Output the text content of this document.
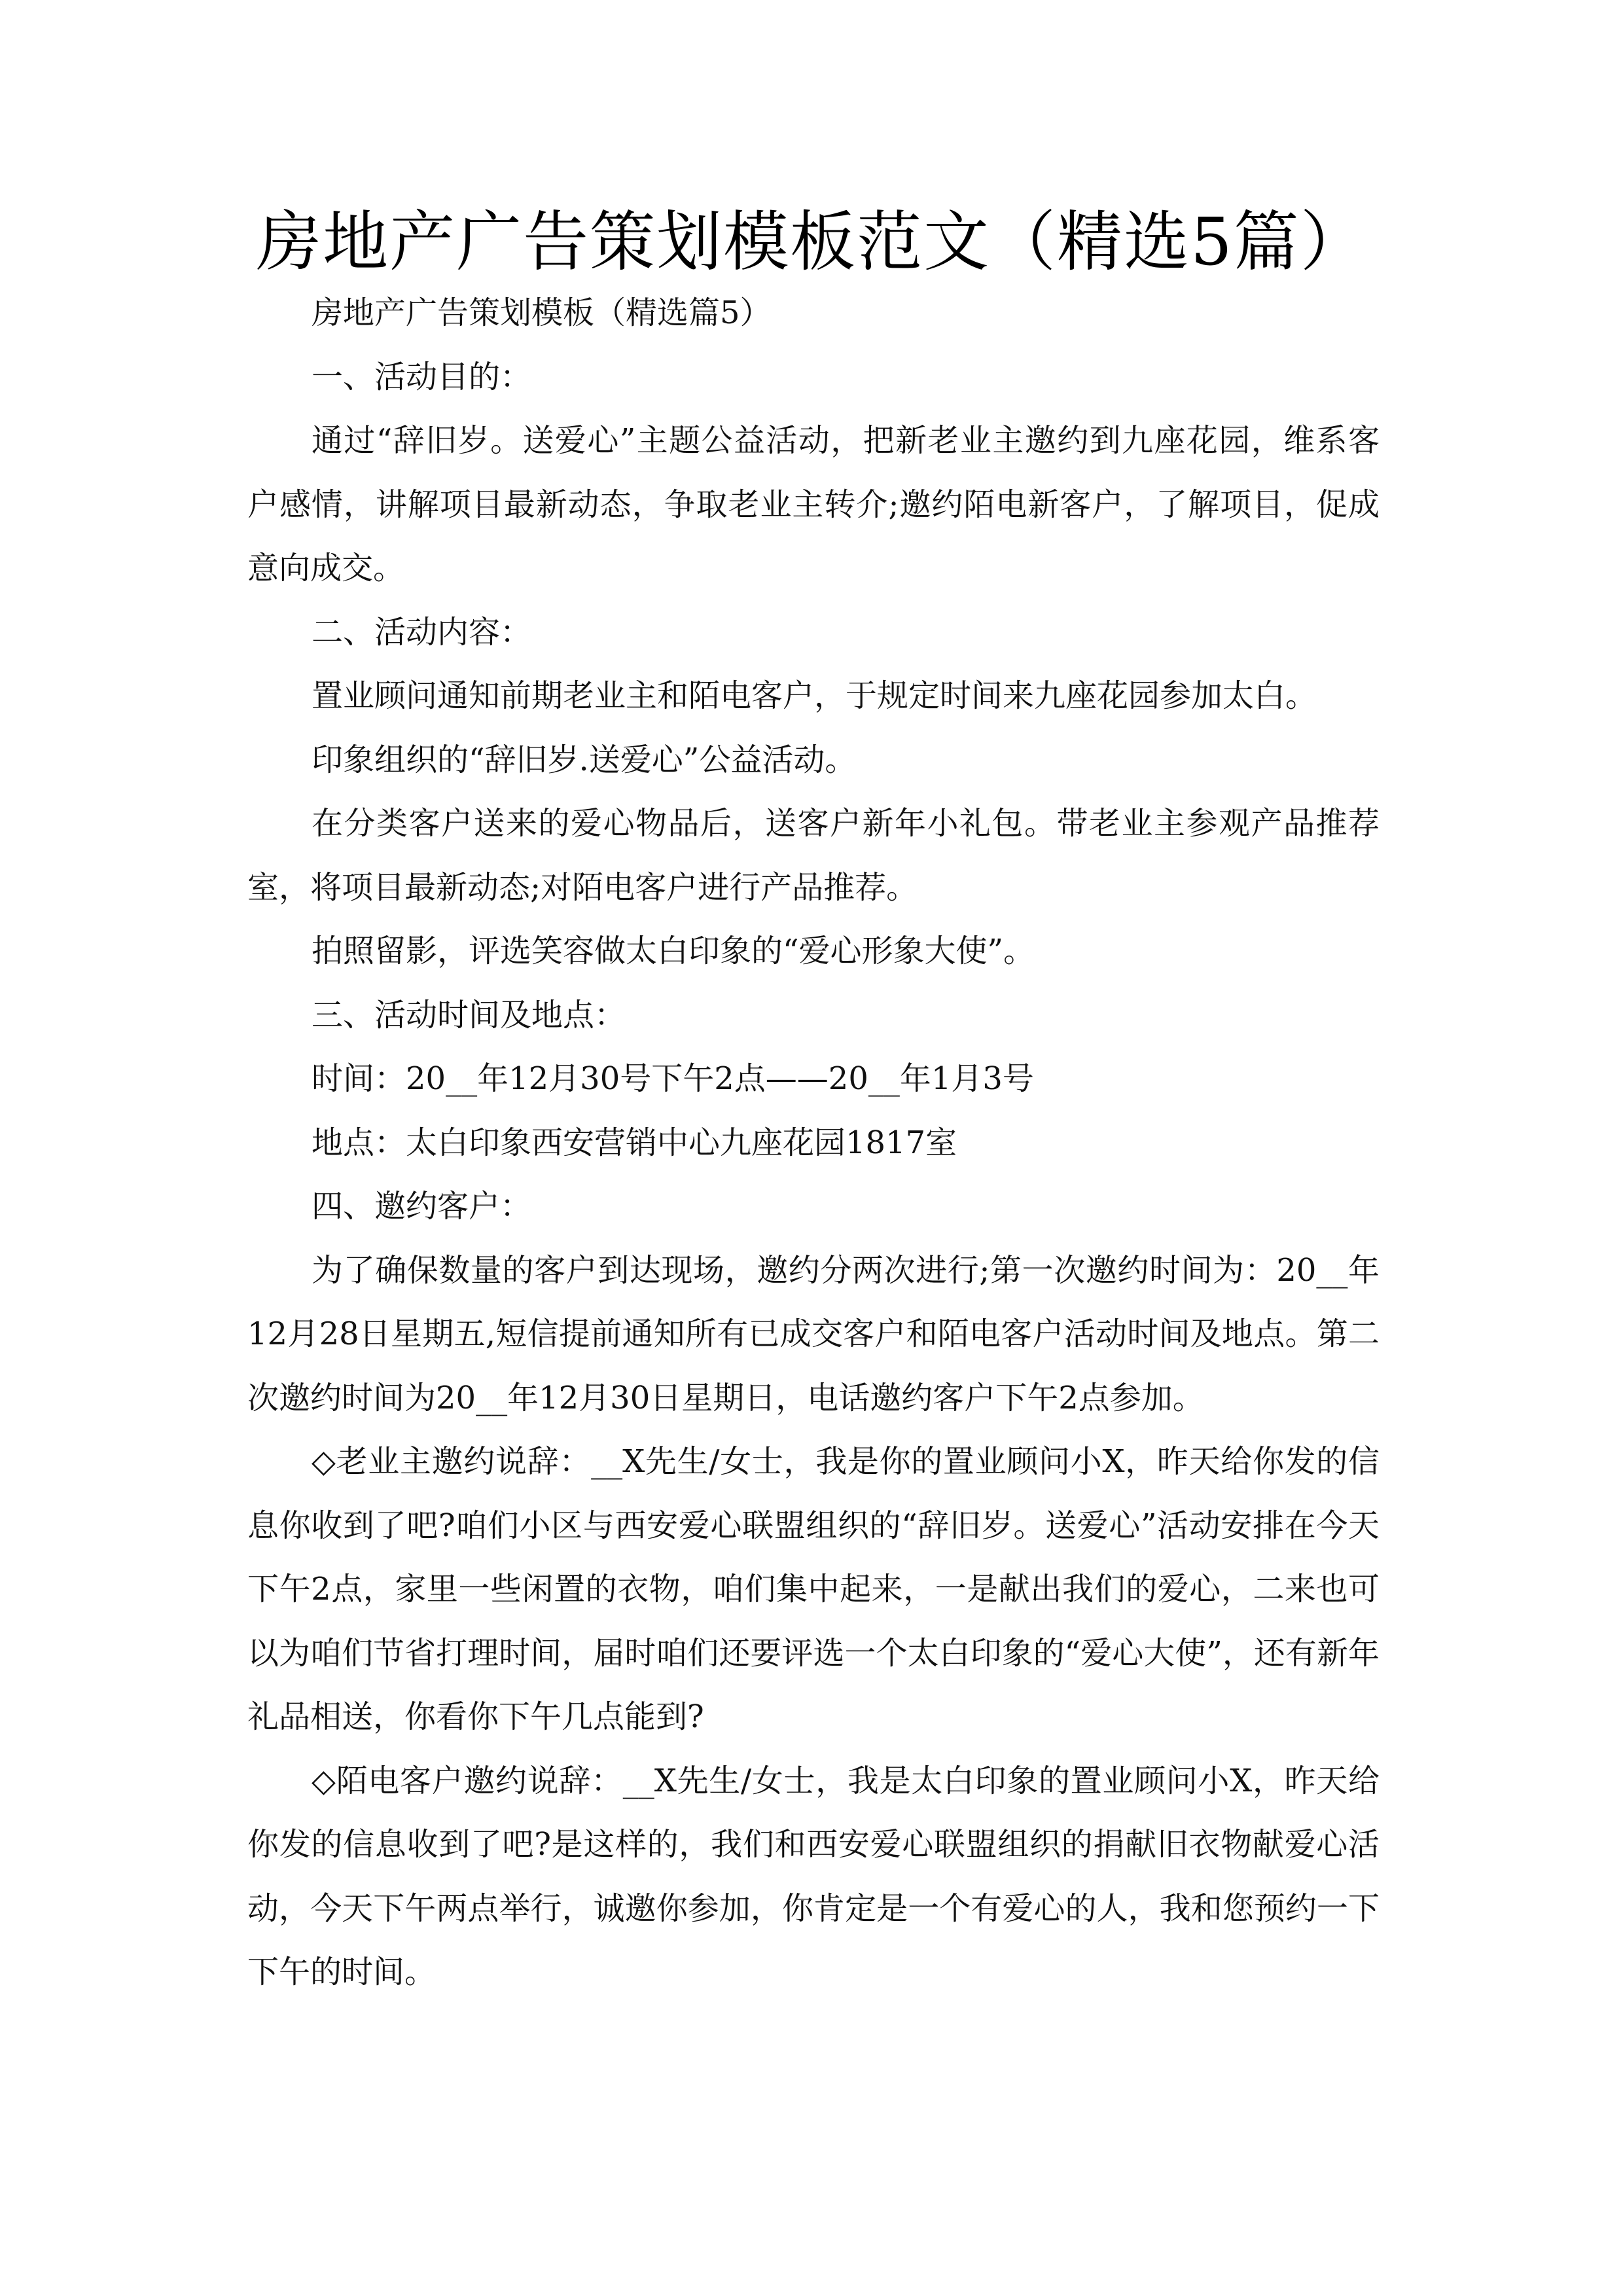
房地产广告策划模板范文（精选5篇）

房地产广告策划模板（精选篇5）

一、活动目的：

通过“辞旧岁。送爱心”主题公益活动，把新老业主邀约到九座花园，维系客户感情，讲解项目最新动态，争取老业主转介;邀约陌电新客户，了解项目，促成意向成交。

二、活动内容：

置业顾问通知前期老业主和陌电客户，于规定时间来九座花园参加太白。

印象组织的“辞旧岁.送爱心”公益活动。

在分类客户送来的爱心物品后，送客户新年小礼包。带老业主参观产品推荐室，将项目最新动态;对陌电客户进行产品推荐。

拍照留影，评选笑容做太白印象的“爱心形象大使”。

三、活动时间及地点：

时间：20__年12月30号下午2点——20__年1月3号

地点：太白印象西安营销中心九座花园1817室

四、邀约客户：

为了确保数量的客户到达现场，邀约分两次进行;第一次邀约时间为：20__年12月28日星期五,短信提前通知所有已成交客户和陌电客户活动时间及地点。第二次邀约时间为20__年12月30日星期日，电话邀约客户下午2点参加。

◇老业主邀约说辞：__X先生/女士，我是你的置业顾问小X，昨天给你发的信息你收到了吧?咱们小区与西安爱心联盟组织的“辞旧岁。送爱心”活动安排在今天下午2点，家里一些闲置的衣物，咱们集中起来，一是献出我们的爱心，二来也可以为咱们节省打理时间，届时咱们还要评选一个太白印象的“爱心大使”，还有新年礼品相送，你看你下午几点能到?

◇陌电客户邀约说辞：__X先生/女士，我是太白印象的置业顾问小X，昨天给你发的信息收到了吧?是这样的，我们和西安爱心联盟组织的捐献旧衣物献爱心活动，今天下午两点举行，诚邀你参加，你肯定是一个有爱心的人，我和您预约一下下午的时间。
